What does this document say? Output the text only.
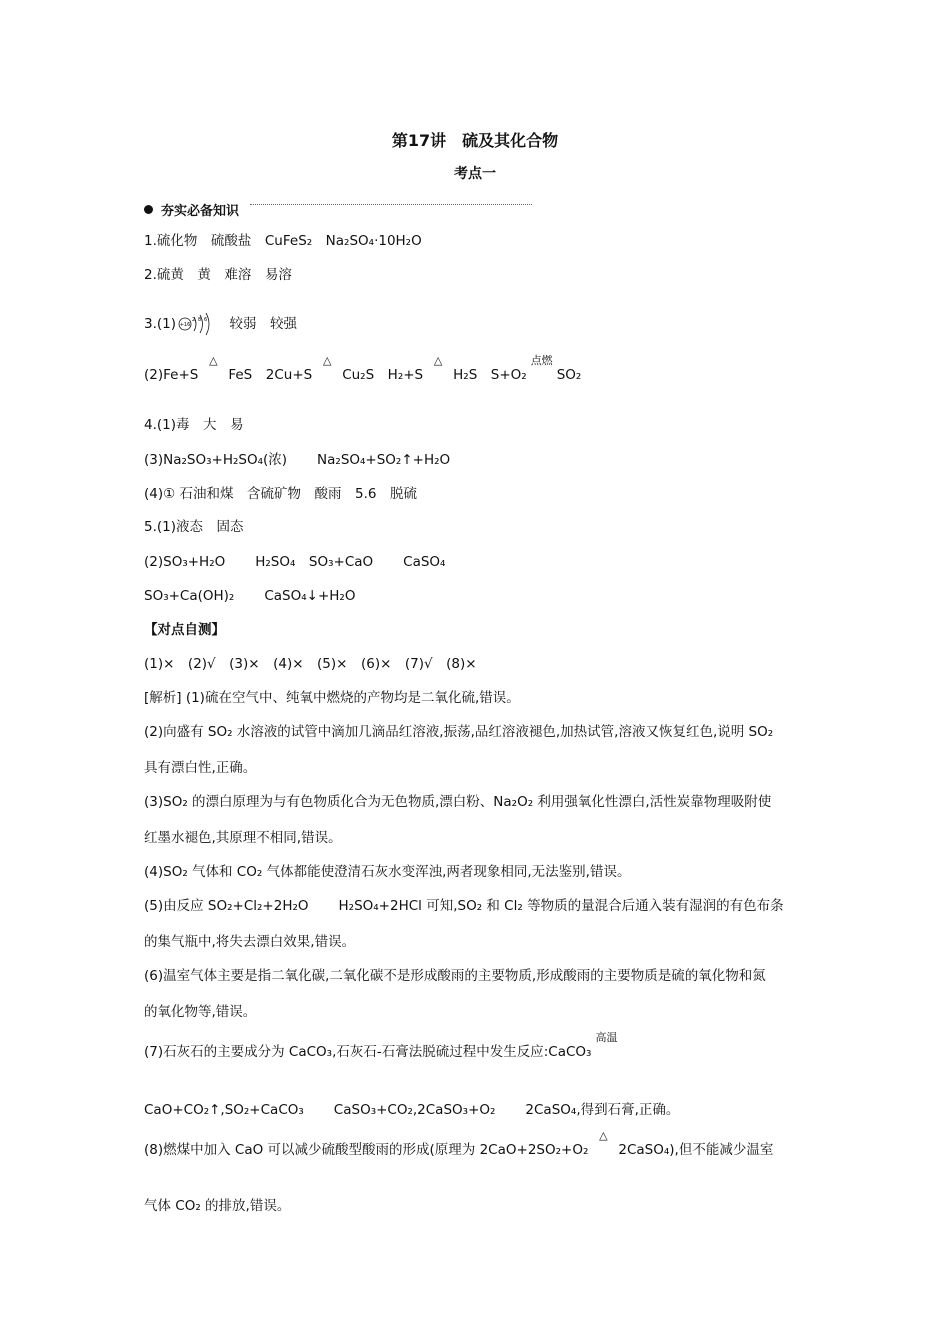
第17讲　硫及其化合物
考点一
夯实必备知识
1.硫化物　硫酸盐　CuFeS₂　Na₂SO₄·10H₂O
2.硫黄　黄　难溶　易溶
3.(1) +16
2 8 6 　较弱　较强
(2)Fe+S
△
FeS　2Cu+S
△
Cu₂S　H₂+S
△
H₂S　S+O₂
点燃
SO₂
4.(1)毒　大　易
(3)Na₂SO₃+H₂SO₄(浓) Na₂SO₄+SO₂↑+H₂O
(4)① 石油和煤　含硫矿物　酸雨　5.6　脱硫
5.(1)液态　固态
(2)SO₃+H₂O H₂SO₄　SO₃+CaO CaSO₄
SO₃+Ca(OH)₂ CaSO₄↓+H₂O
【对点自测】
(1)×　(2)√　(3)×　(4)×　(5)×　(6)×　(7)√　(8)×
[解析] (1)硫在空气中、纯氧中燃烧的产物均是二氧化硫,错误。
(2)向盛有 SO₂ 水溶液的试管中滴加几滴品红溶液,振荡,品红溶液褪色,加热试管,溶液又恢复红色,说明 SO₂
具有漂白性,正确。
(3)SO₂ 的漂白原理为与有色物质化合为无色物质,漂白粉、Na₂O₂ 利用强氧化性漂白,活性炭靠物理吸附使
红墨水褪色,其原理不相同,错误。
(4)SO₂ 气体和 CO₂ 气体都能使澄清石灰水变浑浊,两者现象相同,无法鉴别,错误。
(5)由反应 SO₂+Cl₂+2H₂O H₂SO₄+2HCl 可知,SO₂ 和 Cl₂ 等物质的量混合后通入装有湿润的有色布条
的集气瓶中,将失去漂白效果,错误。
(6)温室气体主要是指二氧化碳,二氧化碳不是形成酸雨的主要物质,形成酸雨的主要物质是硫的氧化物和氮
的氧化物等,错误。
(7)石灰石的主要成分为 CaCO₃,石灰石-石膏法脱硫过程中发生反应:CaCO₃
高温
CaO+CO₂↑,SO₂+CaCO₃ CaSO₃+CO₂,2CaSO₃+O₂ 2CaSO₄,得到石膏,正确。
(8)燃煤中加入 CaO 可以减少硫酸型酸雨的形成(原理为 2CaO+2SO₂+O₂
△
2CaSO₄),但不能减少温室
气体 CO₂ 的排放,错误。
